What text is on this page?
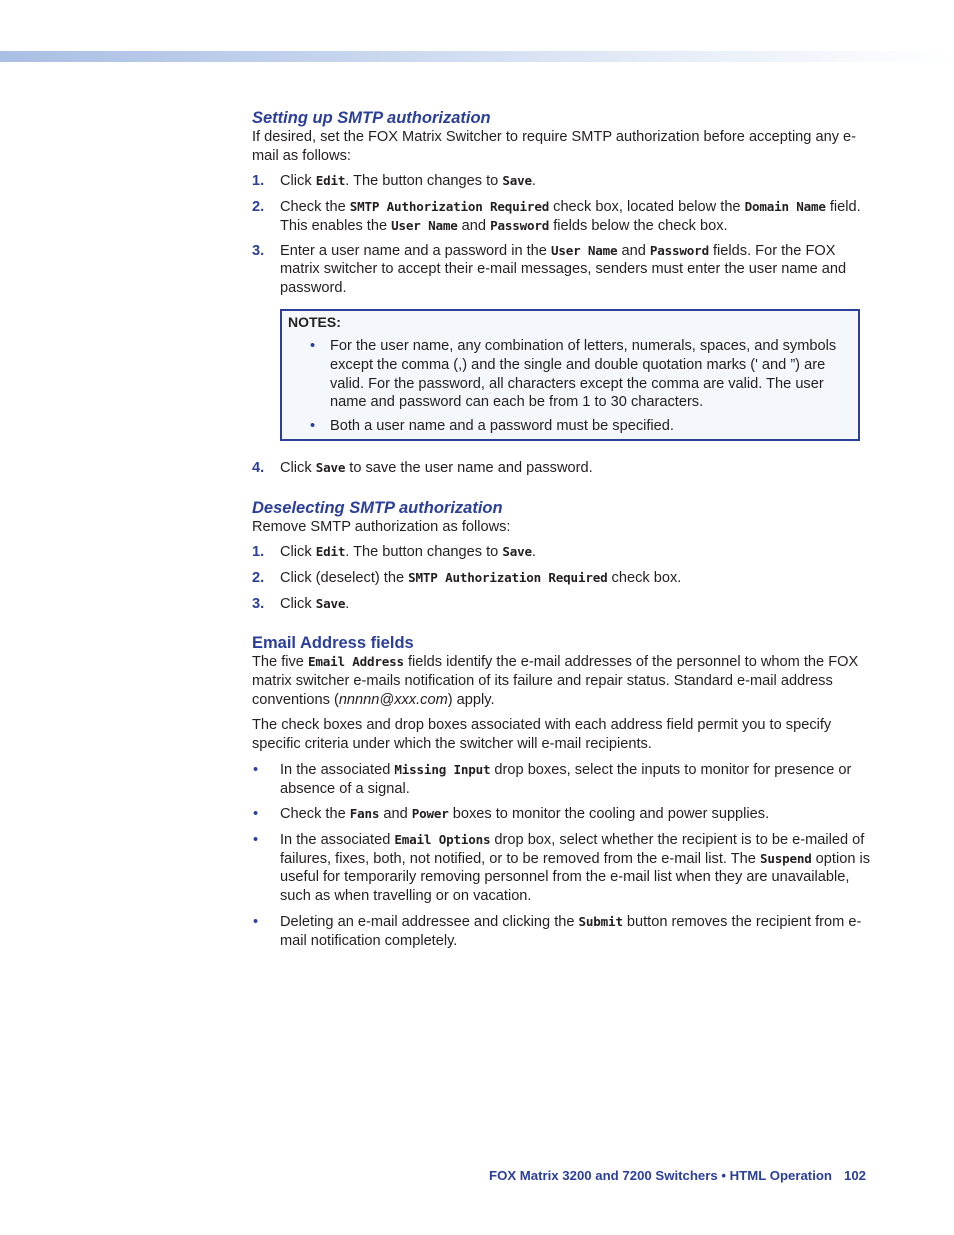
Setting up SMTP authorization

If desired, set the FOX Matrix Switcher to require SMTP authorization before accepting any e-mail as follows:

1. Click Edit. The button changes to Save.
2. Check the SMTP Authorization Required check box, located below the Domain Name field. This enables the User Name and Password fields below the check box.
3. Enter a user name and a password in the User Name and Password fields. For the FOX matrix switcher to accept their e-mail messages, senders must enter the user name and password.
NOTES:
• For the user name, any combination of letters, numerals, spaces, and symbols except the comma (,) and the single and double quotation marks (' and ”) are valid. For the password, all characters except the comma are valid. The user name and password can each be from 1 to 30 characters.
• Both a user name and a password must be specified.
4. Click Save to save the user name and password.
Deselecting SMTP authorization

Remove SMTP authorization as follows:

1. Click Edit. The button changes to Save.
2. Click (deselect) the SMTP Authorization Required check box.
3. Click Save.
Email Address fields

The five Email Address fields identify the e-mail addresses of the personnel to whom the FOX matrix switcher e-mails notification of its failure and repair status. Standard e-mail address conventions (nnnnn@xxx.com) apply.

The check boxes and drop boxes associated with each address field permit you to specify specific criteria under which the switcher will e-mail recipients.

• In the associated Missing Input drop boxes, select the inputs to monitor for presence or absence of a signal.
• Check the Fans and Power boxes to monitor the cooling and power supplies.
• In the associated Email Options drop box, select whether the recipient is to be e-mailed of failures, fixes, both, not notified, or to be removed from the e-mail list. The Suspend option is useful for temporarily removing personnel from the e-mail list when they are unavailable, such as when travelling or on vacation.
• Deleting an e-mail addressee and clicking the Submit button removes the recipient from e-mail notification completely.
FOX Matrix 3200 and 7200 Switchers • HTML Operation 102
